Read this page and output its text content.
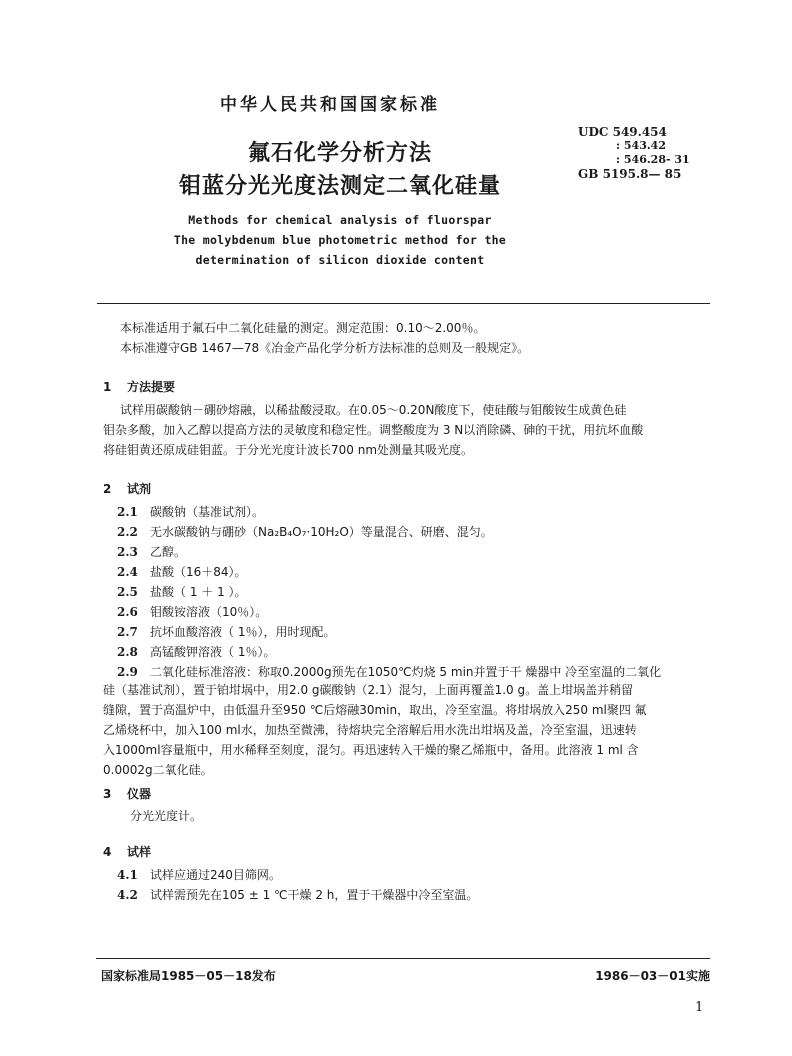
中华人民共和国国家标准
UDC 549.454
: 543.42
: 546.28- 31
GB 5195.8— 85
氟石化学分析方法
钼蓝分光光度法测定二氧化硅量
Methods for chemical analysis of fluorspar
The molybdenum blue photometric method for the
determination of silicon dioxide content
本标准适用于氟石中二氧化硅量的测定。测定范围：0.10～2.00％。
本标准遵守GB 1467—78《冶金产品化学分析方法标准的总则及一般规定》。
1 方法提要
试样用碳酸钠－硼砂熔融，以稀盐酸浸取。在0.05～0.20N酸度下，使硅酸与钼酸铵生成黄色硅
钼杂多酸，加入乙醇以提高方法的灵敏度和稳定性。调整酸度为 3 N以消除磷、砷的干扰，用抗坏血酸
将硅钼黄还原成硅钼蓝。于分光光度计波长700 nm处测量其吸光度。
2 试剂
2.1 碳酸钠（基准试剂）。
2.2 无水碳酸钠与硼砂（Na₂B₄O₇·10H₂O）等量混合、研磨、混匀。
2.3 乙醇。
2.4 盐酸（16＋84）。
2.5 盐酸（ 1 ＋ 1 ）。
2.6 钼酸铵溶液（10％）。
2.7 抗坏血酸溶液（ 1％），用时现配。
2.8 高锰酸钾溶液（ 1％）。
2.9 二氧化硅标准溶液：称取0.2000g预先在1050℃灼烧 5 min并置于干 燥器中 冷至室温的二氧化
硅（基准试剂），置于铂坩埚中，用2.0 g碳酸钠（2.1）混匀，上面再覆盖1.0 g。盖上坩埚盖并稍留
缝隙，置于高温炉中，由低温升至950 ℃后熔融30min，取出，冷至室温。将坩埚放入250 ml聚四 氟
乙烯烧杯中，加入100 ml水，加热至微沸，待熔块完全溶解后用水洗出坩埚及盖，冷至室温，迅速转
入1000ml容量瓶中，用水稀释至刻度，混匀。再迅速转入干燥的聚乙烯瓶中，备用。此溶液 1 ml 含
0.0002g二氧化硅。
3 仪器
分光光度计。
4 试样
4.1 试样应通过240目筛网。
4.2 试样需预先在105 ± 1 ℃干燥 2 h，置于干燥器中冷至室温。
国家标准局1985－05－18发布	1986－03－01实施
1
